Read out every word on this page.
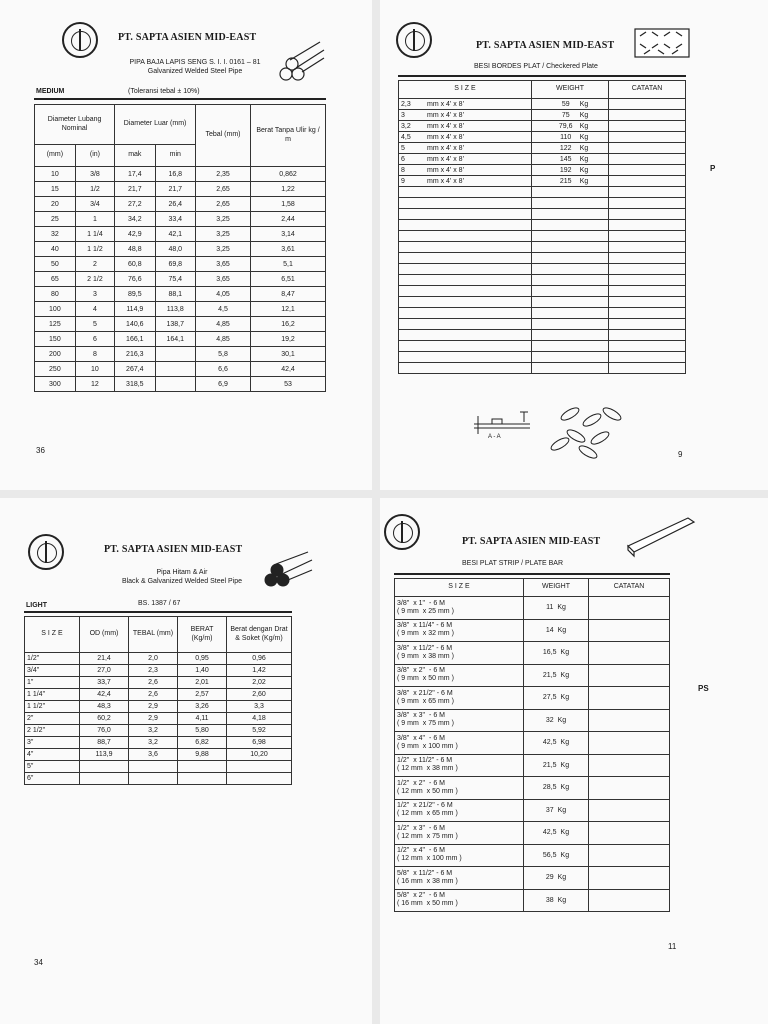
PT. SAPTA ASIEN MID-EAST
PIPA BAJA LAPIS SENG S. I. I. 0161 – 81
Galvanized Welded Steel Pipe
MEDIUM	(Toleransi tebal ± 10%)
Diameter Lubang Nominal		Diameter Luar (mm)		Tebal (mm)	Berat Tanpa Ulir kg / m
(mm)	(in)	mak	min		
10	3/8	17,4	16,8	2,35	0,862
15	1/2	21,7	21,7	2,65	1,22
20	3/4	27,2	26,4	2,65	1,58
25	1	34,2	33,4	3,25	2,44
32	1 1/4	42,9	42,1	3,25	3,14
40	1 1/2	48,8	48,0	3,25	3,61
50	2	60,8	69,8	3,65	5,1
65	2 1/2	76,6	75,4	3,65	6,51
80	3	89,5	88,1	4,05	8,47
100	4	114,9	113,8	4,5	12,1
125	5	140,6	138,7	4,85	16,2
150	6	166,1	164,1	4,85	19,2
200	8	216,3		5,8	30,1
250	10	267,4		6,6	42,4
300	12	318,5		6,9	53
36
PT. SAPTA ASIEN MID-EAST
BESI BORDES PLAT / Checkered Plate
S I Z E	WEIGHT	CATATAN
2,3 mm x 4' x 8'	59 Kg	
3 mm x 4' x 8'	75 Kg	
3,2 mm x 4' x 8'	79,6 Kg	
4,5 mm x 4' x 8'	110 Kg	
5 mm x 4' x 8'	122 Kg	
6 mm x 4' x 8'	145 Kg	
8 mm x 4' x 8'	192 Kg	
9 mm x 4' x 8'	215 Kg	

A - A
9
P
PT. SAPTA ASIEN MID-EAST
Pipa Hitam & Air
Black & Galvanized Welded Steel Pipe
LIGHT	BS. 1387 / 67
S I Z E	OD (mm)	TEBAL (mm)	BERAT (Kg/m)	Berat dengan Drat & Soket (Kg/m)
1/2"	21,4	2,0	0,95	0,96
3/4"	27,0	2,3	1,40	1,42
1"	33,7	2,6	2,01	2,02
1 1/4"	42,4	2,6	2,57	2,60
1 1/2"	48,3	2,9	3,26	3,3
2"	60,2	2,9	4,11	4,18
2 1/2"	76,0	3,2	5,80	5,92
3"	88,7	3,2	6,82	6,98
4"	113,9	3,6	9,88	10,20
5"				
6"				
34
PT. SAPTA ASIEN MID-EAST
BESI PLAT STRIP / PLATE BAR
S I Z E	WEIGHT	CATATAN

3/8" x 1" - 6 M
( 9 mm x 25 mm )	11 Kg	

3/8" x 11/4" - 6 M
( 9 mm x 32 mm )	14 Kg	

3/8" x 11/2" - 6 M
( 9 mm x 38 mm )	16,5 Kg	

3/8" x 2" - 6 M
( 9 mm x 50 mm )	21,5 Kg	

3/8" x 21/2" - 6 M
( 9 mm x 65 mm )	27,5 Kg	

3/8" x 3" - 6 M
( 9 mm x 75 mm )	32 Kg	

3/8" x 4" - 6 M
( 9 mm x 100 mm )	42,5 Kg	

1/2" x 11/2" - 6 M
( 12 mm x 38 mm )	21,5 Kg	

1/2" x 2" - 6 M
( 12 mm x 50 mm )	28,5 Kg	

1/2" x 21/2" - 6 M
( 12 mm x 65 mm )	37 Kg	

1/2" x 3" - 6 M
( 12 mm x 75 mm )	42,5 Kg	

1/2" x 4" - 6 M
( 12 mm x 100 mm )	56,5 Kg	

5/8" x 11/2" - 6 M
( 16 mm x 38 mm )	29 Kg	

5/8" x 2" - 6 M
( 16 mm x 50 mm )	38 Kg	
11
PS
